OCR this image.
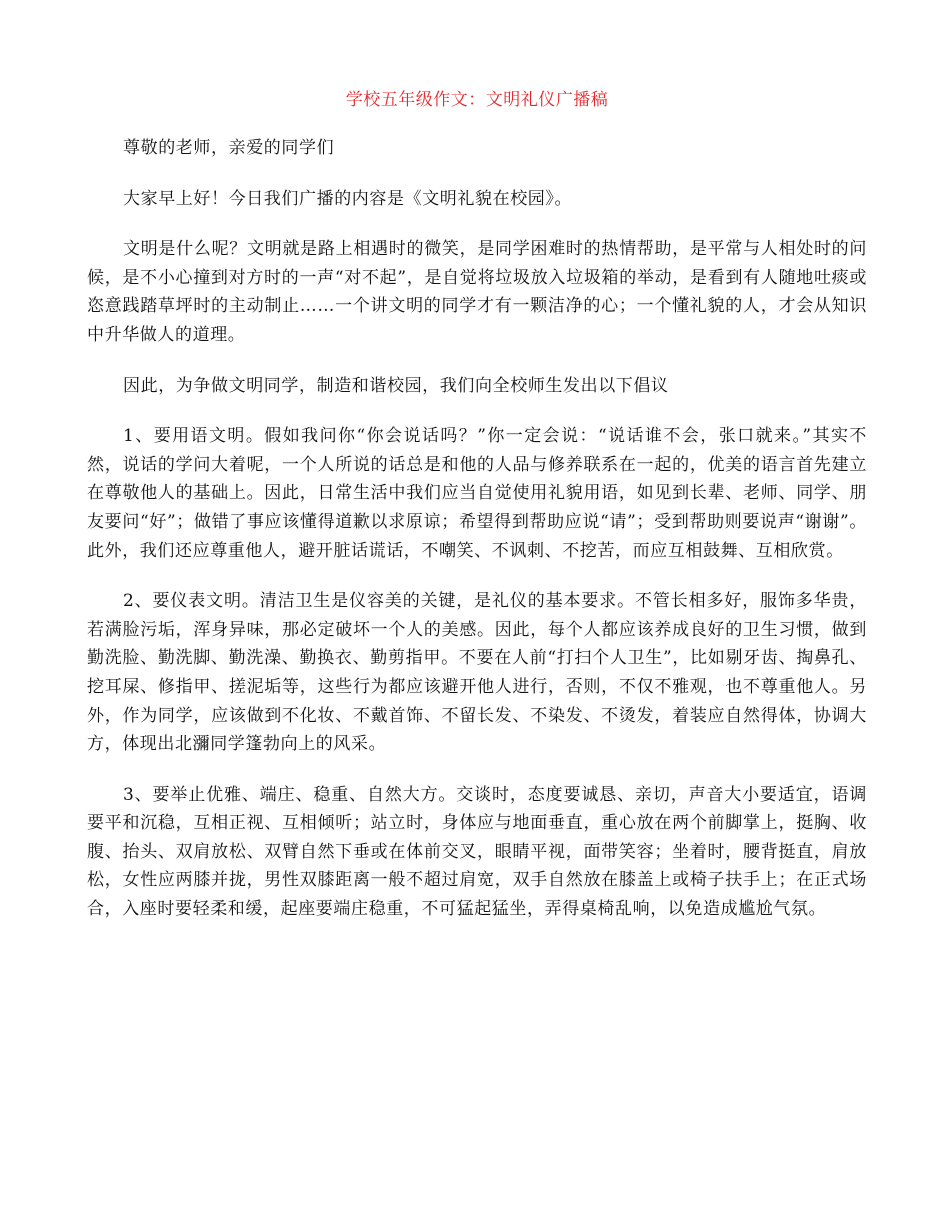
学校五年级作文：文明礼仪广播稿

尊敬的老师，亲爱的同学们

大家早上好！今日我们广播的内容是《文明礼貌在校园》。

文明是什么呢？文明就是路上相遇时的微笑，是同学困难时的热情帮助，是平常与人相处时的问候，是不小心撞到对方时的一声“对不起”，是自觉将垃圾放入垃圾箱的举动，是看到有人随地吐痰或恣意践踏草坪时的主动制止……一个讲文明的同学才有一颗洁净的心；一个懂礼貌的人，才会从知识中升华做人的道理。

因此，为争做文明同学，制造和谐校园，我们向全校师生发出以下倡议

1、要用语文明。假如我问你“你会说话吗？”你一定会说：“说话谁不会，张口就来。”其实不然，说话的学问大着呢，一个人所说的话总是和他的人品与修养联系在一起的，优美的语言首先建立在尊敬他人的基础上。因此，日常生活中我们应当自觉使用礼貌用语，如见到长辈、老师、同学、朋友要问“好”；做错了事应该懂得道歉以求原谅；希望得到帮助应说“请”；受到帮助则要说声“谢谢”。此外，我们还应尊重他人，避开脏话谎话，不嘲笑、不讽刺、不挖苦，而应互相鼓舞、互相欣赏。

2、要仪表文明。清洁卫生是仪容美的关键，是礼仪的基本要求。不管长相多好，服饰多华贵，若满脸污垢，浑身异味，那必定破坏一个人的美感。因此，每个人都应该养成良好的卫生习惯，做到勤洗脸、勤洗脚、勤洗澡、勤换衣、勤剪指甲。不要在人前“打扫个人卫生”，比如剔牙齿、掏鼻孔、挖耳屎、修指甲、搓泥垢等，这些行为都应该避开他人进行，否则，不仅不雅观，也不尊重他人。另外，作为同学，应该做到不化妆、不戴首饰、不留长发、不染发、不烫发，着装应自然得体，协调大方，体现出北瀰同学篷勃向上的风采。

3、要举止优雅、端庄、稳重、自然大方。交谈时，态度要诚恳、亲切，声音大小要适宜，语调要平和沉稳，互相正视、互相倾听；站立时，身体应与地面垂直，重心放在两个前脚掌上，挺胸、收腹、抬头、双肩放松、双臂自然下垂或在体前交叉，眼睛平视，面带笑容；坐着时，腰背挺直，肩放松，女性应两膝并拢，男性双膝距离一般不超过肩宽，双手自然放在膝盖上或椅子扶手上；在正式场合，入座时要轻柔和缓，起座要端庄稳重，不可猛起猛坐，弄得桌椅乱响，以免造成尴尬气氛。
